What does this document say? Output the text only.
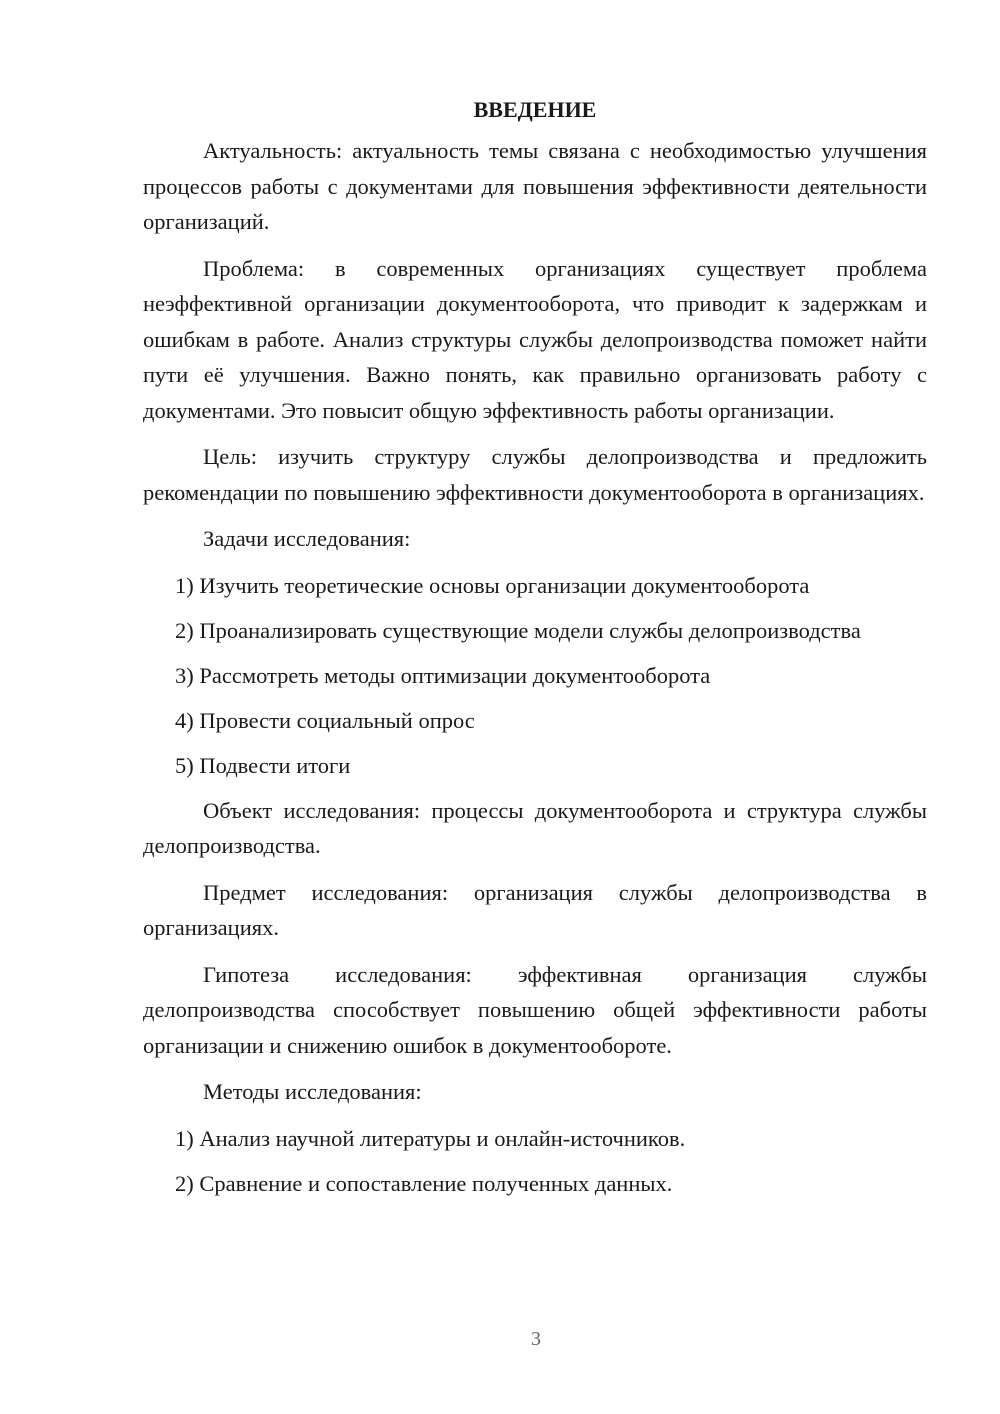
ВВЕДЕНИЕ

Актуальность: актуальность темы связана с необходимостью улучшения процессов работы с документами для повышения эффективности деятельности организаций.

Проблема: в современных организациях существует проблема неэффективной организации документооборота, что приводит к задержкам и ошибкам в работе. Анализ структуры службы делопроизводства поможет найти пути её улучшения. Важно понять, как правильно организовать работу с документами. Это повысит общую эффективность работы организации.

Цель: изучить структуру службы делопроизводства и предложить рекомендации по повышению эффективности документооборота в организациях.

Задачи исследования:

1) Изучить теоретические основы организации документооборота

2) Проанализировать существующие модели службы делопроизводства

3) Рассмотреть методы оптимизации документооборота

4) Провести социальный опрос

5) Подвести итоги

Объект исследования: процессы документооборота и структура службы делопроизводства.

Предмет исследования: организация службы делопроизводства в организациях.

Гипотеза исследования: эффективная организация службы делопроизводства способствует повышению общей эффективности работы организации и снижению ошибок в документообороте.

Методы исследования:

1) Анализ научной литературы и онлайн-источников.

2) Сравнение и сопоставление полученных данных.

3
